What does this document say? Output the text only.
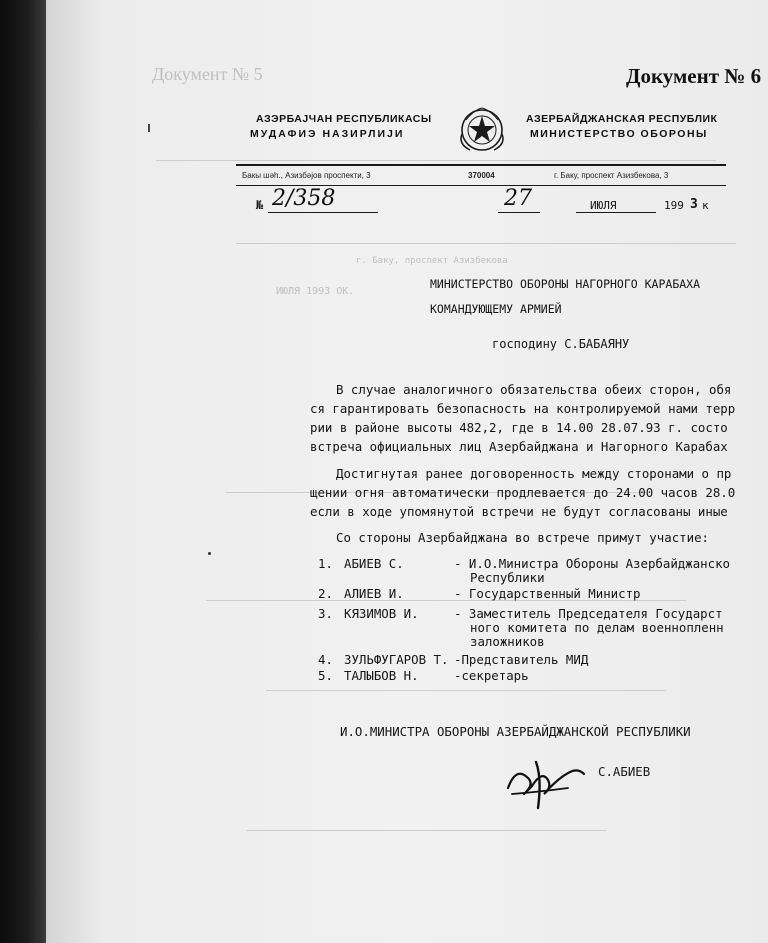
Документ № 5
г. Баку, проспект Азизбекова
ИЮЛЯ 1993 ОК.
Документ № 6
АЗЭРБАЈЧАН РЕСПУБЛИКАСЫ
МУДАФИЭ НАЗИРЛИЈИ
АЗЕРБАЙДЖАНСКАЯ РЕСПУБЛИК
МИНИСТЕРСТВО ОБОРОНЫ
Бакы шәh., Азизбәјов проспекти, 3	370004	г. Баку, проспект Азизбекова, 3
№ 2/358	27	ИЮЛЯ	199 3 к
МИНИСТЕРСТВО ОБОРОНЫ НАГОРНОГО КАРАБАХА
КОМАНДУЮЩЕМУ АРМИЕЙ
господину С.БАБАЯНУ
В случае аналогичного обязательства обеих сторон, обя
ся гарантировать безопасность на контролируемой нами терр
рии в районе высоты 482,2, где в 14.00 28.07.93 г. состо
встреча официальных лиц Азербайджана и Нагорного Карабах
Достигнутая ранее договоренность между сторонами о пр
щении огня автоматически продлевается до 24.00 часов 28.0
если в ходе упомянутой встречи не будут согласованы иные
Со стороны Азербайджана во встрече примут участие:
1. АБИЕВ С.	- И.О.Министра Обороны Азербайджанско
Республики
2. АЛИЕВ И.	- Государственный Министр
3. КЯЗИМОВ И.	- Заместитель Председателя Государст
ного комитета по делам военнопленн
заложников
4. ЗУЛЬФУГАРОВ Т. -Представитель МИД
5. ТАЛЫБОВ Н.	-секретарь
И.О.МИНИСТРА ОБОРОНЫ АЗЕРБАЙДЖАНСКОЙ РЕСПУБЛИКИ
С.АБИЕВ
